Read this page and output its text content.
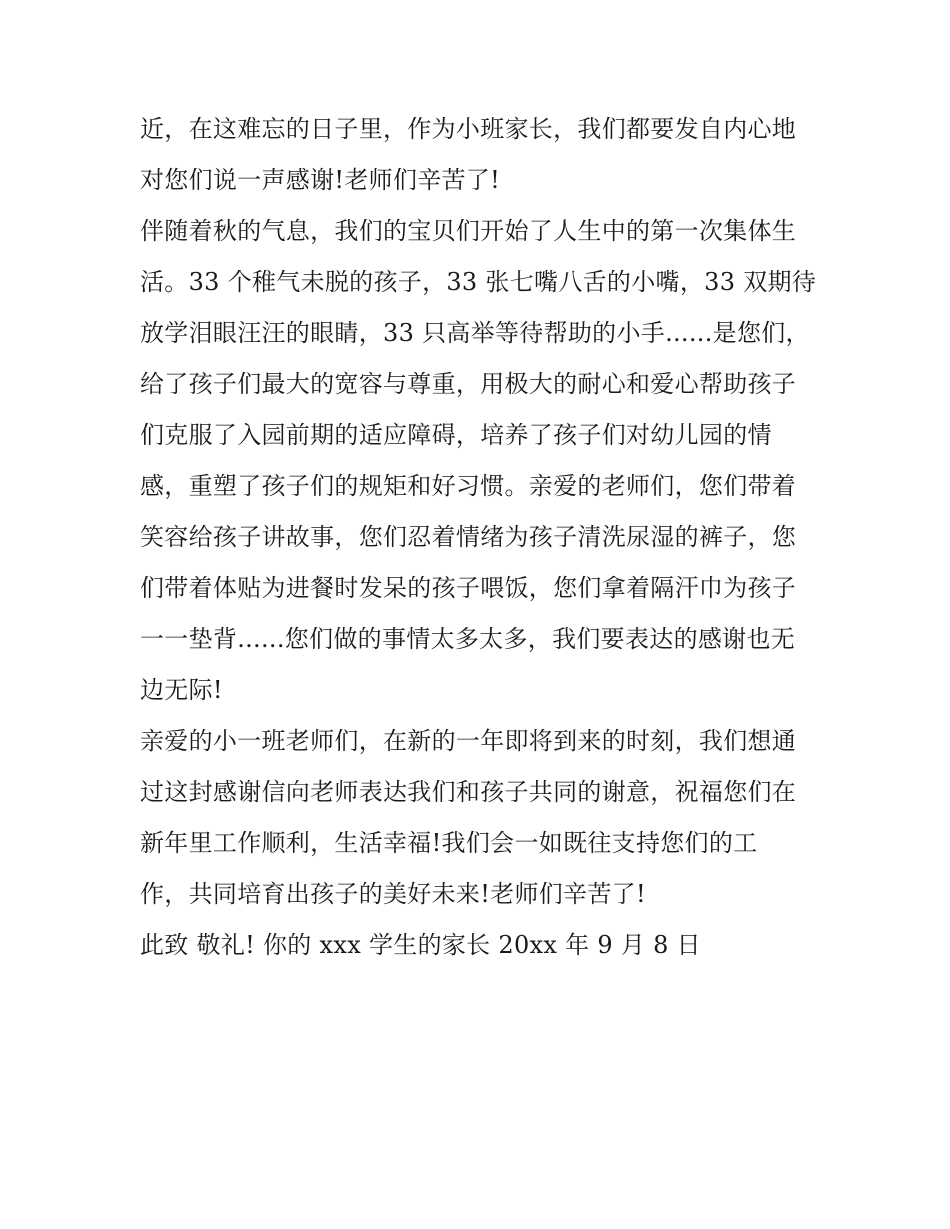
近，在这难忘的日子里，作为小班家长，我们都要发自内心地
对您们说一声感谢!老师们辛苦了!
伴随着秋的气息，我们的宝贝们开始了人生中的第一次集体生
活。33 个稚气未脱的孩子，33 张七嘴八舌的小嘴，33 双期待
放学泪眼汪汪的眼睛，33 只高举等待帮助的小手......是您们，
给了孩子们最大的宽容与尊重，用极大的耐心和爱心帮助孩子
们克服了入园前期的适应障碍，培养了孩子们对幼儿园的情
感，重塑了孩子们的规矩和好习惯。亲爱的老师们，您们带着
笑容给孩子讲故事，您们忍着情绪为孩子清洗尿湿的裤子，您
们带着体贴为进餐时发呆的孩子喂饭，您们拿着隔汗巾为孩子
一一垫背......您们做的事情太多太多，我们要表达的感谢也无
边无际!
亲爱的小一班老师们，在新的一年即将到来的时刻，我们想通
过这封感谢信向老师表达我们和孩子共同的谢意，祝福您们在
新年里工作顺利，生活幸福!我们会一如既往支持您们的工
作，共同培育出孩子的美好未来!老师们辛苦了!
此致 敬礼! 你的 xxx 学生的家长 20xx 年 9 月 8 日
